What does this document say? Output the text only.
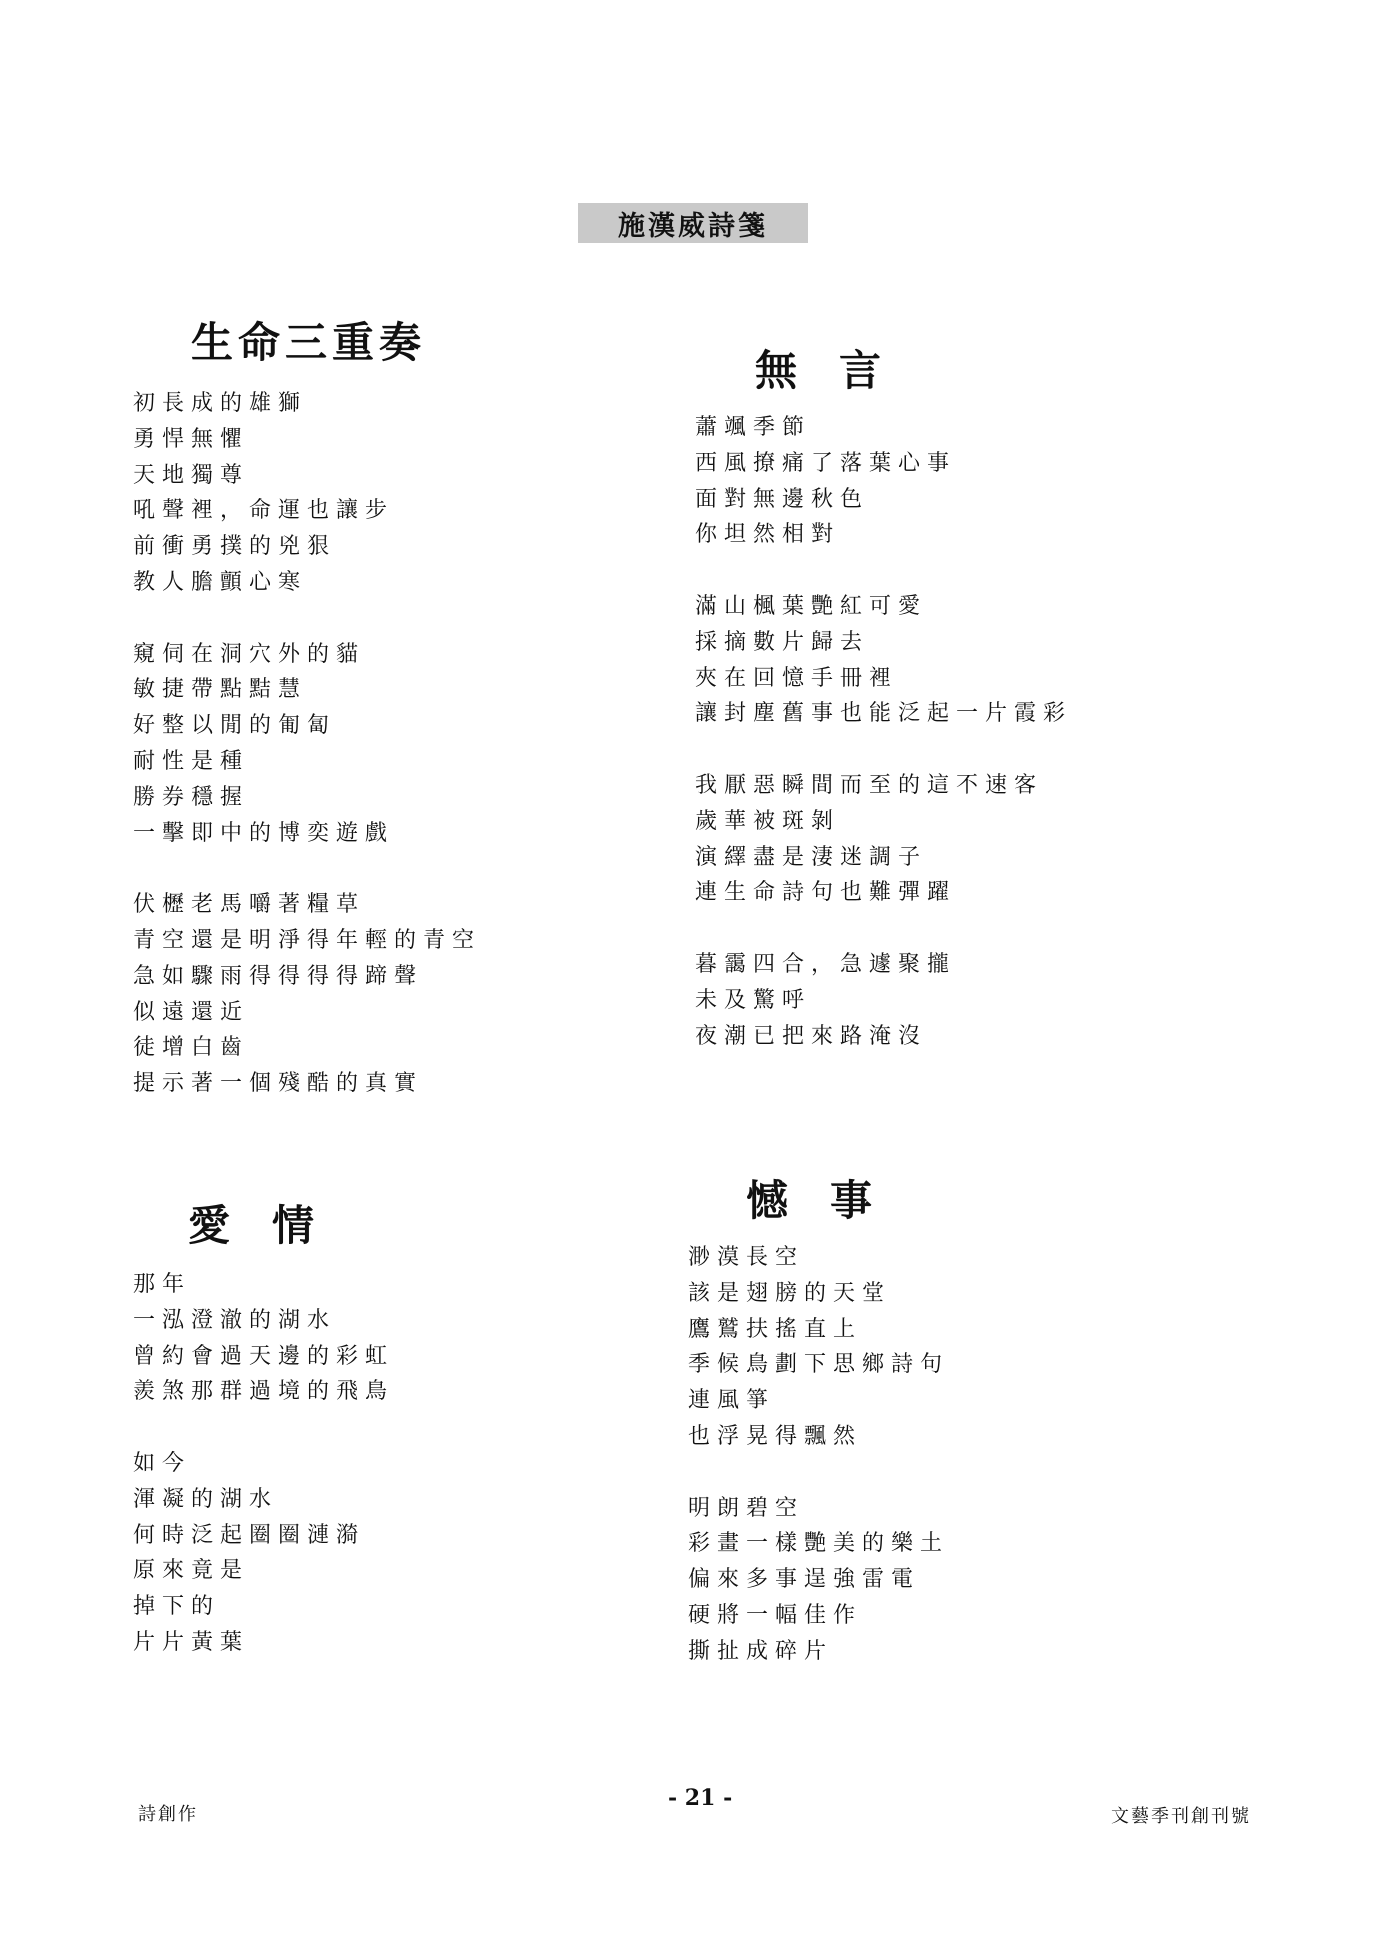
施漢威詩箋
生命三重奏
初長成的雄獅
勇悍無懼
天地獨尊
吼聲裡，命運也讓步
前衝勇撲的兇狠
教人膽顫心寒
窺伺在洞穴外的貓
敏捷帶點黠慧
好整以閒的匍匐
耐性是種
勝券穩握
一擊即中的博奕遊戲
伏櫪老馬嚼著糧草
青空還是明淨得年輕的青空
急如驟雨得得得得蹄聲
似遠還近
徒增白齒
提示著一個殘酷的真實
無　言
蕭颯季節
西風撩痛了落葉心事
面對無邊秋色
你坦然相對
滿山楓葉艷紅可愛
採摘數片歸去
夾在回憶手冊裡
讓封塵舊事也能泛起一片霞彩
我厭惡瞬間而至的這不速客
歲華被斑剝
演繹盡是淒迷調子
連生命詩句也難彈躍
暮靄四合，急遽聚攏
未及驚呼
夜潮已把來路淹沒
愛　情
那年
一泓澄澈的湖水
曾約會過天邊的彩虹
羨煞那群過境的飛鳥
如今
渾凝的湖水
何時泛起圈圈漣漪
原來竟是
掉下的
片片黃葉
憾　事
渺漠長空
該是翅膀的天堂
鷹鷲扶搖直上
季候鳥劃下思鄉詩句
連風箏
也浮晃得飄然
明朗碧空
彩畫一樣艷美的樂土
偏來多事逞強雷電
硬將一幅佳作
撕扯成碎片
詩創作
- 21 -
文藝季刊創刊號
